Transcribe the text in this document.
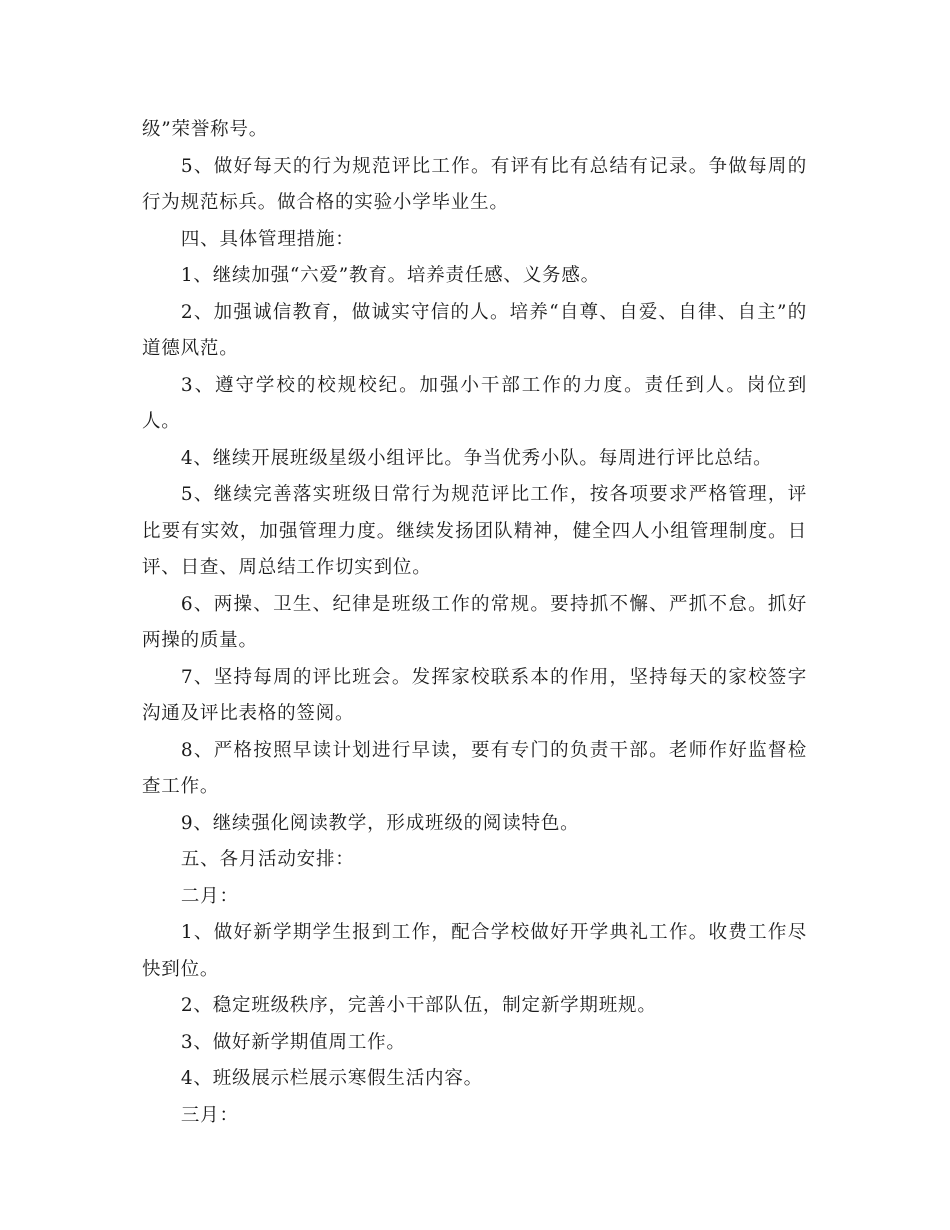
级”荣誉称号。

5、做好每天的行为规范评比工作。有评有比有总结有记录。争做每周的行为规范标兵。做合格的实验小学毕业生。

四、具体管理措施：

1、继续加强“六爱”教育。培养责任感、义务感。

2、加强诚信教育，做诚实守信的人。培养“自尊、自爱、自律、自主”的道德风范。

3、遵守学校的校规校纪。加强小干部工作的力度。责任到人。岗位到人。

4、继续开展班级星级小组评比。争当优秀小队。每周进行评比总结。

5、继续完善落实班级日常行为规范评比工作，按各项要求严格管理，评比要有实效，加强管理力度。继续发扬团队精神，健全四人小组管理制度。日评、日查、周总结工作切实到位。

6、两操、卫生、纪律是班级工作的常规。要持抓不懈、严抓不怠。抓好两操的质量。

7、坚持每周的评比班会。发挥家校联系本的作用，坚持每天的家校签字沟通及评比表格的签阅。

8、严格按照早读计划进行早读，要有专门的负责干部。老师作好监督检查工作。

9、继续强化阅读教学，形成班级的阅读特色。

五、各月活动安排：

二月：

1、做好新学期学生报到工作，配合学校做好开学典礼工作。收费工作尽快到位。

2、稳定班级秩序，完善小干部队伍，制定新学期班规。

3、做好新学期值周工作。

4、班级展示栏展示寒假生活内容。

三月：
